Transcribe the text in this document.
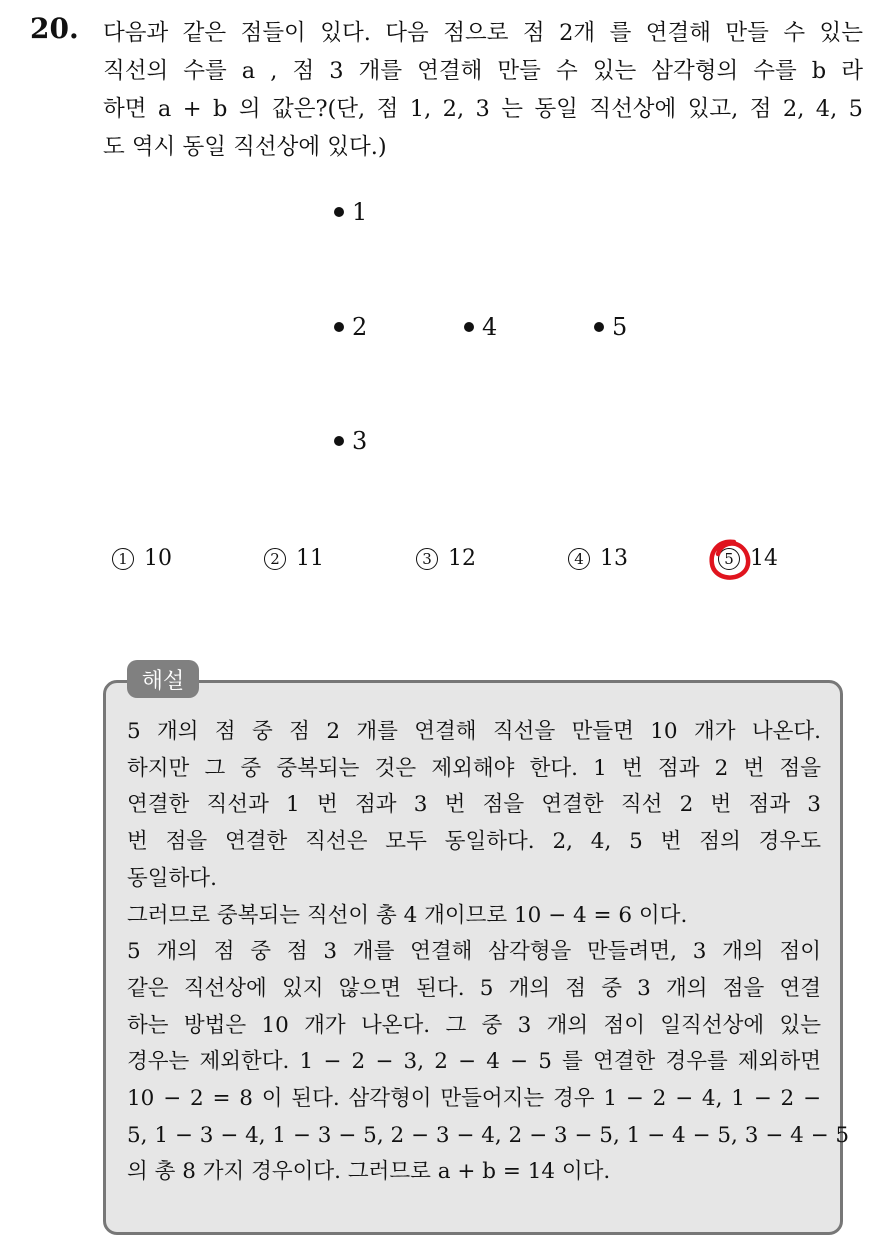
20. 다음과 같은 점들이 있다. 다음 점으로 점 2개 를 연결해 만들 수 있는
직선의 수를 a , 점 3 개를 연결해 만들 수 있는 삼각형의 수를 b 라
하면 a + b 의 값은?(단, 점 1, 2, 3 는 동일 직선상에 있고, 점 2, 4, 5
도 역시 동일 직선상에 있다.)
1
2	4	5
3
1 10	2 11	3 12	4 13	5 14
해설
5 개의 점 중 점 2 개를 연결해 직선을 만들면 10 개가 나온다.
하지만 그 중 중복되는 것은 제외해야 한다. 1 번 점과 2 번 점을
연결한 직선과 1 번 점과 3 번 점을 연결한 직선 2 번 점과 3
번 점을 연결한 직선은 모두 동일하다. 2, 4, 5 번 점의 경우도
동일하다.
그러므로 중복되는 직선이 총 4 개이므로 10 − 4 = 6 이다.
5 개의 점 중 점 3 개를 연결해 삼각형을 만들려면, 3 개의 점이
같은 직선상에 있지 않으면 된다. 5 개의 점 중 3 개의 점을 연결
하는 방법은 10 개가 나온다. 그 중 3 개의 점이 일직선상에 있는
경우는 제외한다. 1 − 2 − 3, 2 − 4 − 5 를 연결한 경우를 제외하면
10 − 2 = 8 이 된다. 삼각형이 만들어지는 경우 1 − 2 − 4, 1 − 2 −
5, 1 − 3 − 4, 1 − 3 − 5, 2 − 3 − 4, 2 − 3 − 5, 1 − 4 − 5, 3 − 4 − 5
의 총 8 가지 경우이다. 그러므로 a + b = 14 이다.
